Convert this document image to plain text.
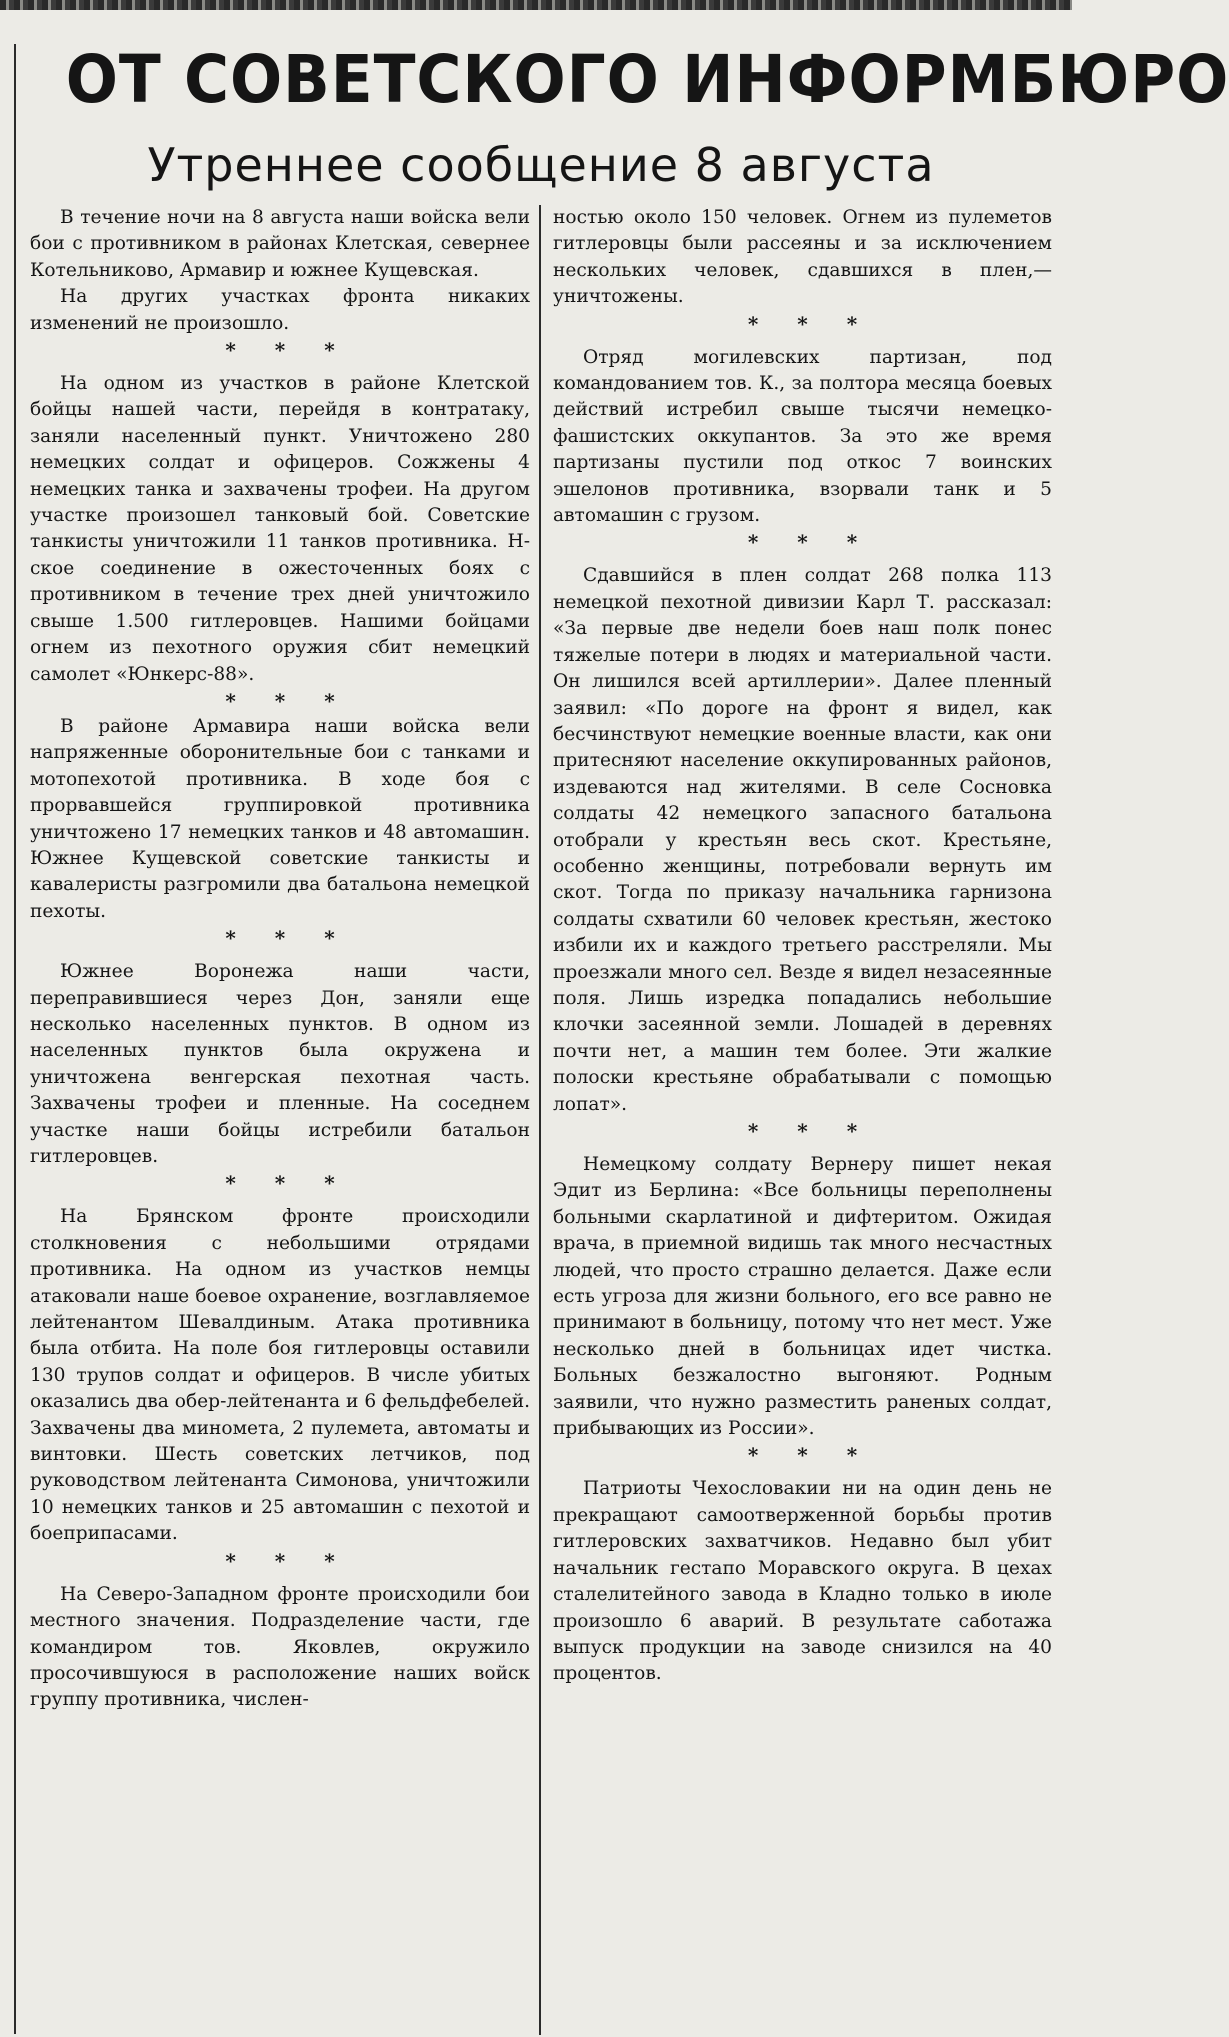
ОТ СОВЕТСКОГО ИНФОРМБЮРО
Утреннее сообщение 8 августа

В течение ночи на 8 августа наши войска вели бои с противником в районах Клетская, севернее Котельниково, Армавир и южнее Кущевская.

На других участках фронта никаких изменений не произошло.

* * *

На одном из участков в районе Клетской бойцы нашей части, перейдя в контратаку, заняли населенный пункт. Уничтожено 280 немецких солдат и офицеров. Сожжены 4 немецких танка и захвачены трофеи. На другом участке произошел танковый бой. Советские танкисты уничтожили 11 танков противника. Н-ское соединение в ожесточенных боях с противником в течение трех дней уничтожило свыше 1.500 гитлеровцев. Нашими бойцами огнем из пехотного оружия сбит немецкий самолет «Юнкерс-88».

* * *

В районе Армавира наши войска вели напряженные оборонительные бои с танками и мотопехотой противника. В ходе боя с прорвавшейся группировкой противника уничтожено 17 немецких танков и 48 автомашин. Южнее Кущевской советские танкисты и кавалеристы разгромили два батальона немецкой пехоты.

* * *

Южнее Воронежа наши части, переправившиеся через Дон, заняли еще несколько населенных пунктов. В одном из населенных пунктов была окружена и уничтожена венгерская пехотная часть. Захвачены трофеи и пленные. На соседнем участке наши бойцы истребили батальон гитлеровцев.

* * *

На Брянском фронте происходили столкновения с небольшими отрядами противника. На одном из участков немцы атаковали наше боевое охранение, возглавляемое лейтенантом Шевалдиным. Атака противника была отбита. На поле боя гитлеровцы оставили 130 трупов солдат и офицеров. В числе убитых оказались два обер-лейтенанта и 6 фельдфебелей. Захвачены два миномета, 2 пулемета, автоматы и винтовки. Шесть советских летчиков, под руководством лейтенанта Симонова, уничтожили 10 немецких танков и 25 автомашин с пехотой и боеприпасами.

* * *

На Северо-Западном фронте происходили бои местного значения. Подразделение части, где командиром тов. Яковлев, окружило просочившуюся в расположение наших войск группу противника, числен-

ностью около 150 человек. Огнем из пулеметов гитлеровцы были рассеяны и за исключением нескольких человек, сдавшихся в плен,— уничтожены.

* * *

Отряд могилевских партизан, под командованием тов. К., за полтора месяца боевых действий истребил свыше тысячи немецко-фашистских оккупантов. За это же время партизаны пустили под откос 7 воинских эшелонов противника, взорвали танк и 5 автомашин с грузом.

* * *

Сдавшийся в плен солдат 268 полка 113 немецкой пехотной дивизии Карл Т. рассказал: «За первые две недели боев наш полк понес тяжелые потери в людях и материальной части. Он лишился всей артиллерии». Далее пленный заявил: «По дороге на фронт я видел, как бесчинствуют немецкие военные власти, как они притесняют население оккупированных районов, издеваются над жителями. В селе Сосновка солдаты 42 немецкого запасного батальона отобрали у крестьян весь скот. Крестьяне, особенно женщины, потребовали вернуть им скот. Тогда по приказу начальника гарнизона солдаты схватили 60 человек крестьян, жестоко избили их и каждого третьего расстреляли. Мы проезжали много сел. Везде я видел незасеянные поля. Лишь изредка попадались небольшие клочки засеянной земли. Лошадей в деревнях почти нет, а машин тем более. Эти жалкие полоски крестьяне обрабатывали с помощью лопат».

* * *

Немецкому солдату Вернеру пишет некая Эдит из Берлина: «Все больницы переполнены больными скарлатиной и дифтеритом. Ожидая врача, в приемной видишь так много несчастных людей, что просто страшно делается. Даже если есть угроза для жизни больного, его все равно не принимают в больницу, потому что нет мест. Уже несколько дней в больницах идет чистка. Больных безжалостно выгоняют. Родным заявили, что нужно разместить раненых солдат, прибывающих из России».

* * *

Патриоты Чехословакии ни на один день не прекращают самоотверженной борьбы против гитлеровских захватчиков. Недавно был убит начальник гестапо Моравского округа. В цехах сталелитейного завода в Кладно только в июле произошло 6 аварий. В результате саботажа выпуск продукции на заводе снизился на 40 процентов.
